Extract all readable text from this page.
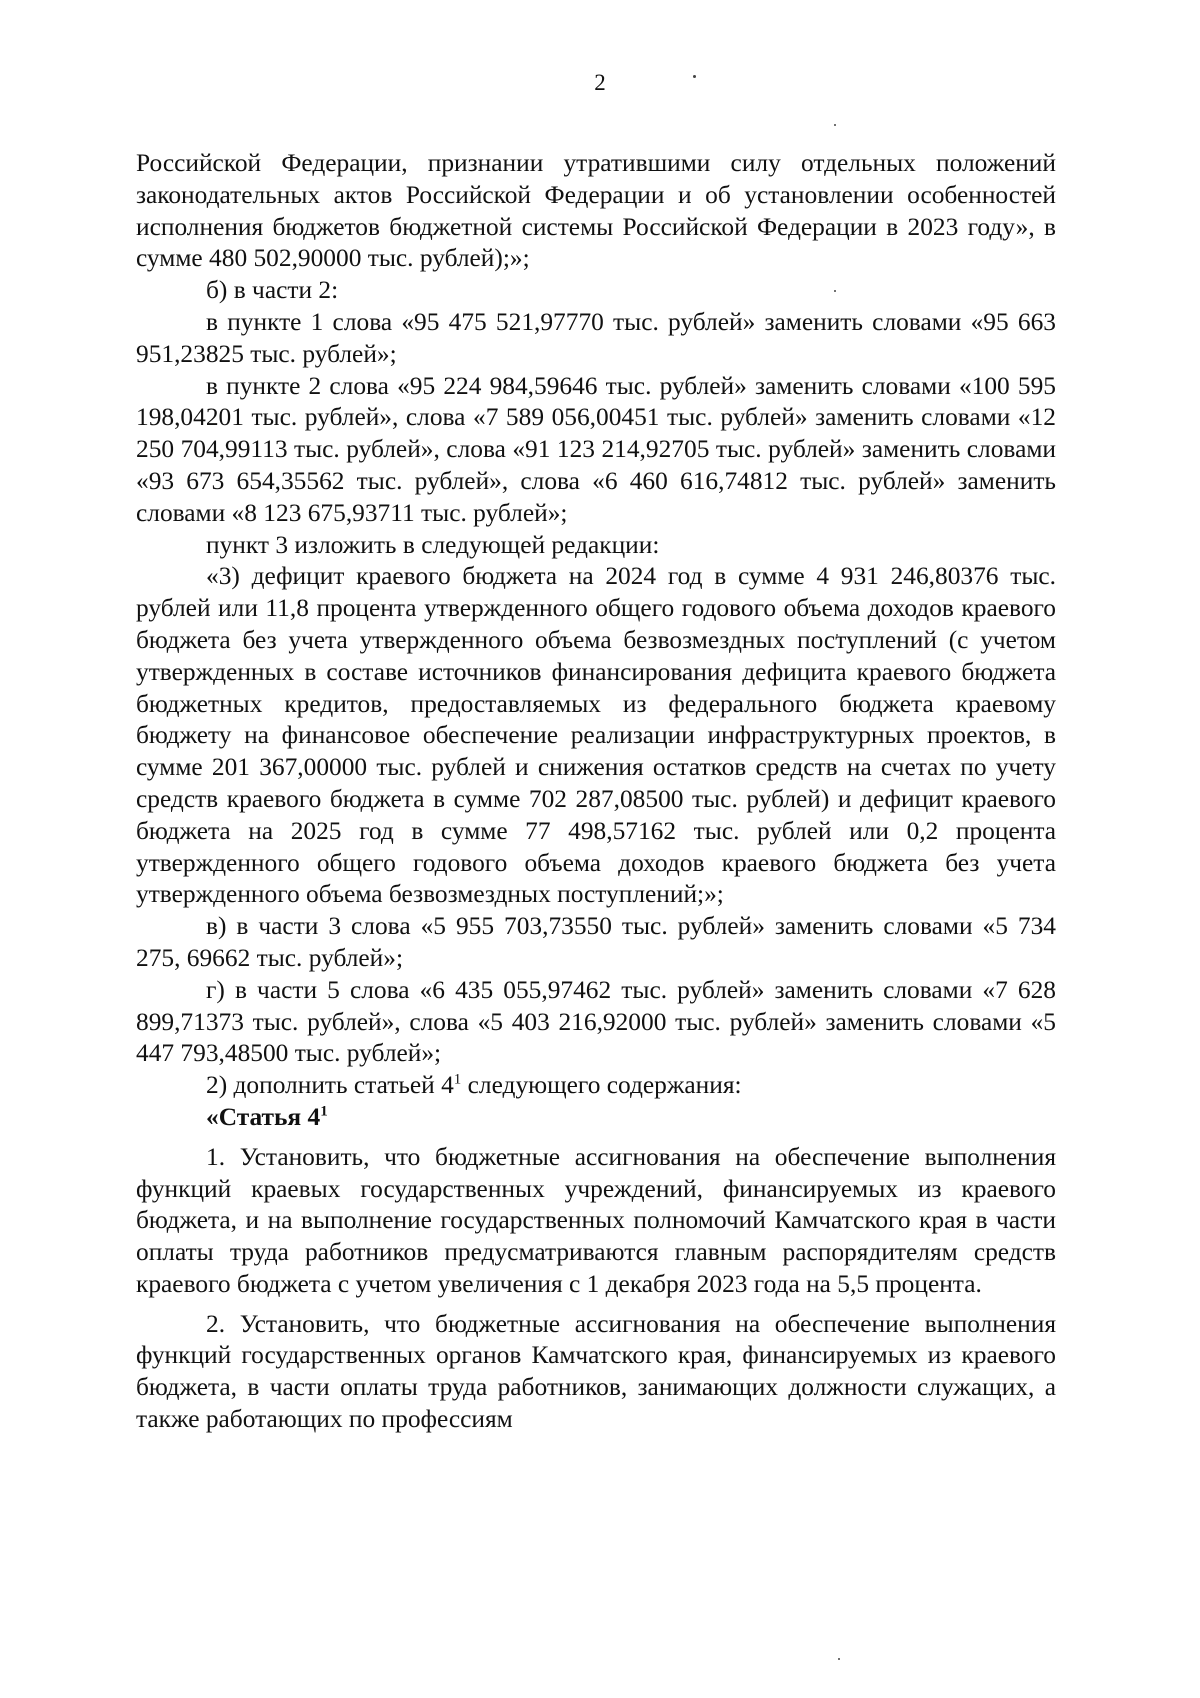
2

Российской Федерации, признании утратившими силу отдельных положений законодательных актов Российской Федерации и об установлении особенностей исполнения бюджетов бюджетной системы Российской Федерации в 2023 году», в сумме 480 502,90000 тыс. рублей);»;

б) в части 2:

в пункте 1 слова «95 475 521,97770 тыс. рублей» заменить словами «95 663 951,23825 тыс. рублей»;

в пункте 2 слова «95 224 984,59646 тыс. рублей» заменить словами «100 595 198,04201 тыс. рублей», слова «7 589 056,00451 тыс. рублей» заменить словами «12 250 704,99113 тыс. рублей», слова «91 123 214,92705 тыс. рублей» заменить словами «93 673 654,35562 тыс. рублей», слова «6 460 616,74812 тыс. рублей» заменить словами «8 123 675,93711 тыс. рублей»;

пункт 3 изложить в следующей редакции:

«3) дефицит краевого бюджета на 2024 год в сумме 4 931 246,80376 тыс. рублей или 11,8 процента утвержденного общего годового объема доходов краевого бюджета без учета утвержденного объема безвозмездных поступлений (с учетом утвержденных в составе источников финансирования дефицита краевого бюджета бюджетных кредитов, предоставляемых из федерального бюджета краевому бюджету на финансовое обеспечение реализации инфраструктурных проектов, в сумме 201 367,00000 тыс. рублей и снижения остатков средств на счетах по учету средств краевого бюджета в сумме 702 287,08500 тыс. рублей) и дефицит краевого бюджета на 2025 год в сумме 77 498,57162 тыс. рублей или 0,2 процента утвержденного общего годового объема доходов краевого бюджета без учета утвержденного объема безвозмездных поступлений;»;

в) в части 3 слова «5 955 703,73550 тыс. рублей» заменить словами «5 734 275, 69662 тыс. рублей»;

г) в части 5 слова «6 435 055,97462 тыс. рублей» заменить словами «7 628 899,71373 тыс. рублей», слова «5 403 216,92000 тыс. рублей» заменить словами «5 447 793,48500 тыс. рублей»;

2) дополнить статьей $4^1$ следующего содержания:

«Статья $4^1$

1. Установить, что бюджетные ассигнования на обеспечение выполнения функций краевых государственных учреждений, финансируемых из краевого бюджета, и на выполнение государственных полномочий Камчатского края в части оплаты труда работников предусматриваются главным распорядителям средств краевого бюджета с учетом увеличения с 1 декабря 2023 года на 5,5 процента.

2. Установить, что бюджетные ассигнования на обеспечение выполнения функций государственных органов Камчатского края, финансируемых из краевого бюджета, в части оплаты труда работников, занимающих должности служащих, а также работающих по профессиям
